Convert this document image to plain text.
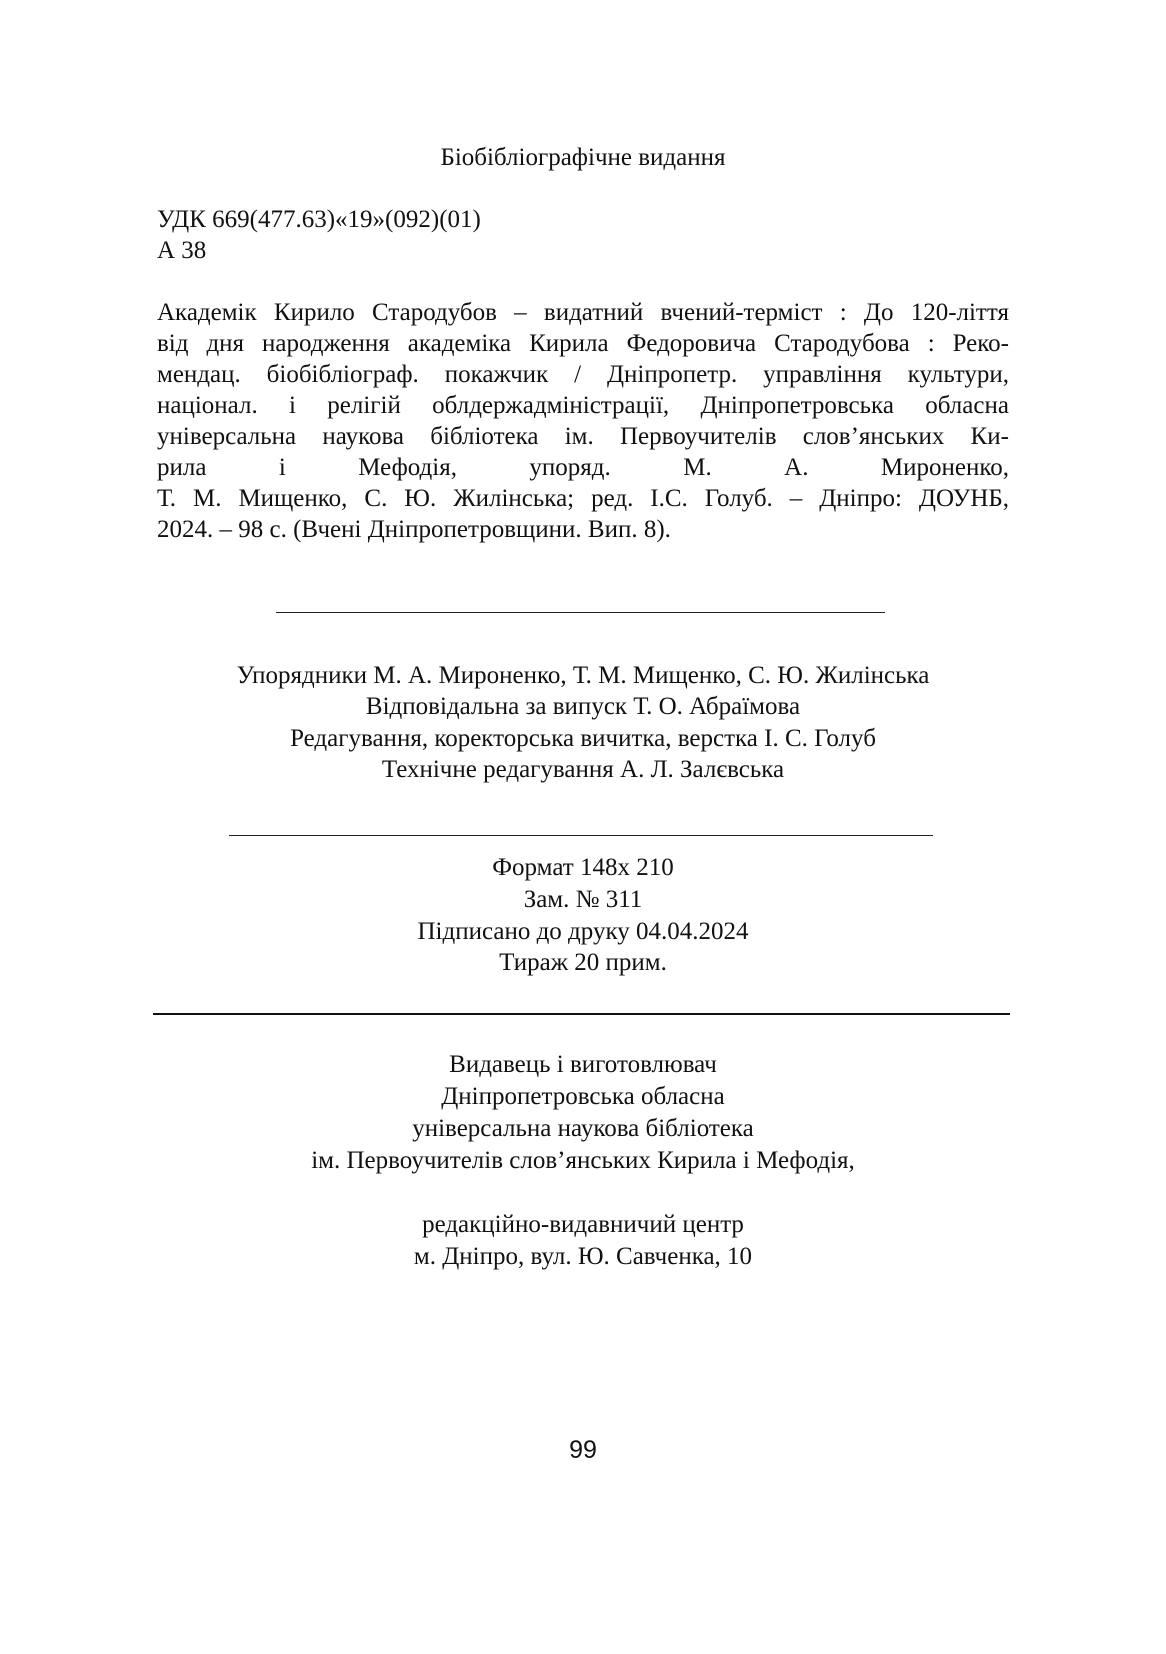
Біобібліографічне видання
УДК 669(477.63)«19»(092)(01)
А 38
Академік Кирило Стародубов – видатний вчений-терміст : До 120-ліття
від дня народження академіка Кирила Федоровича Стародубова : Реко-
мендац. біобібліограф. покажчик / Дніпропетр. управління культури,
націонал. і релігій облдержадміністрації, Дніпропетровська обласна
універсальна наукова бібліотека ім. Первоучителів слов’янських Ки-
рила	і	Мефодія,	упоряд.	М.	А.	Мироненко,
Т. М. Мищенко, С. Ю. Жилінська; ред. І.С. Голуб. – Дніпро: ДОУНБ,
2024. – 98 с. (Вчені Дніпропетровщини. Вип. 8).
Упорядники М. А. Мироненко, Т. М. Мищенко, С. Ю. Жилінська
Відповідальна за випуск Т. О. Абраїмова
Редагування, коректорська вичитка, верстка І. С. Голуб
Технічне редагування А. Л. Залєвська
Формат 148х 210
Зам. № 311
Підписано до друку 04.04.2024
Тираж 20 прим.
Видавець і виготовлювач
Дніпропетровська обласна
універсальна наукова бібліотека
ім. Первоучителів слов’янських Кирила і Мефодія,
редакційно-видавничий центр
м. Дніпро, вул. Ю. Савченка, 10
99
